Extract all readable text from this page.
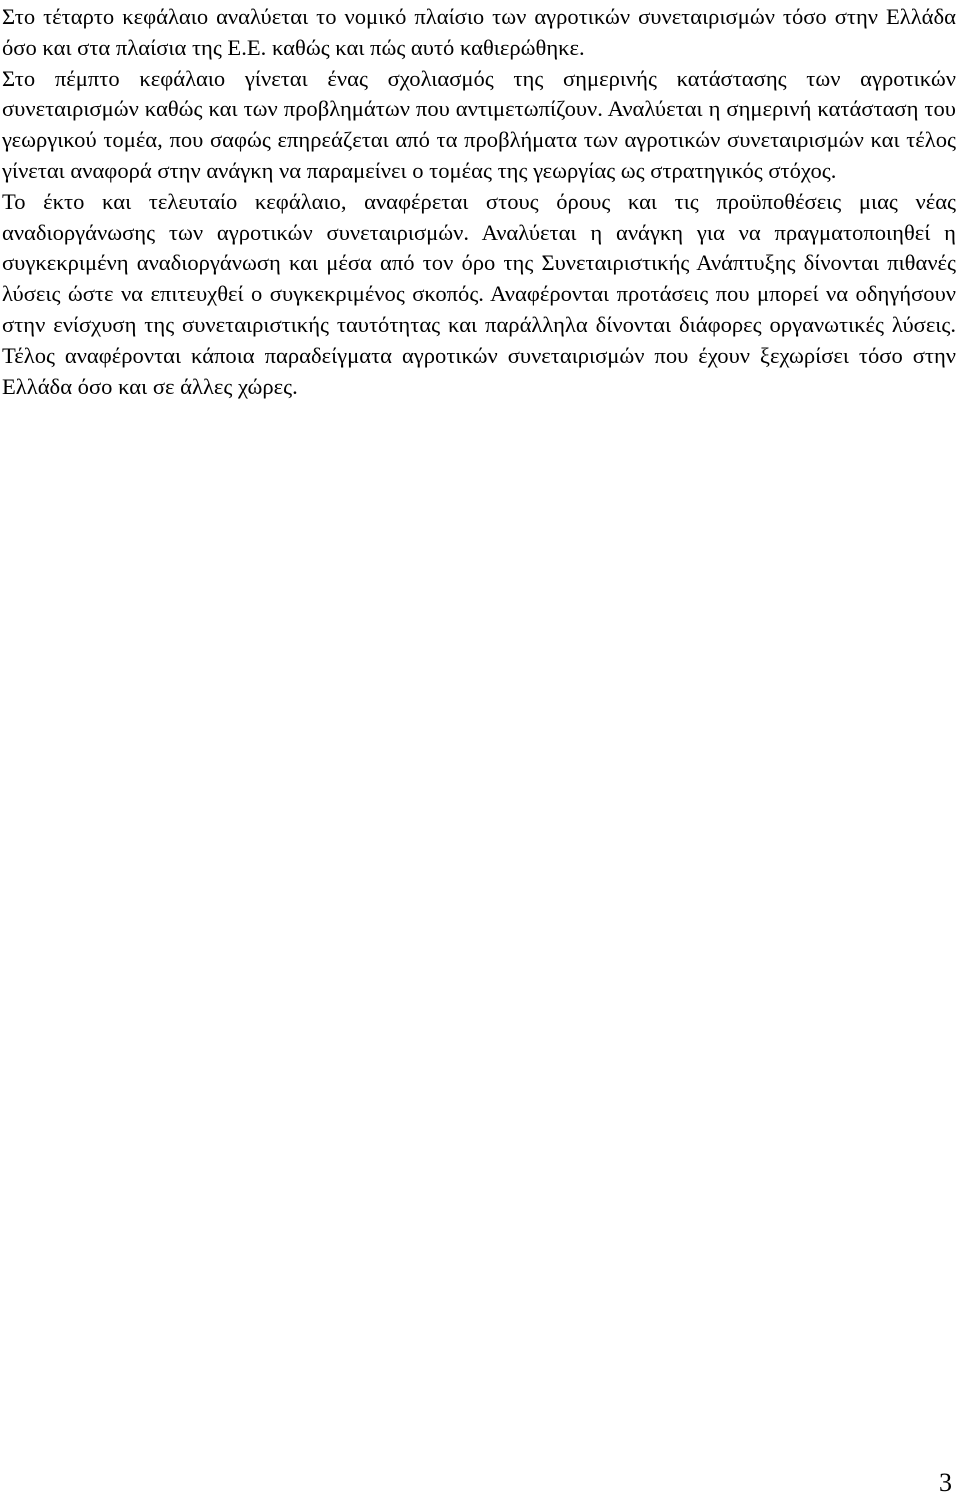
Στο τέταρτο κεφάλαιο αναλύεται το νομικό πλαίσιο των αγροτικών συνεταιρισμών τόσο στην Ελλάδα όσο και στα πλαίσια της Ε.Ε. καθώς και πώς αυτό καθιερώθηκε.

Στο πέμπτο κεφάλαιο γίνεται ένας σχολιασμός της σημερινής κατάστασης των αγροτικών συνεταιρισμών καθώς και των προβλημάτων που αντιμετωπίζουν. Αναλύεται η σημερινή κατάσταση του γεωργικού τομέα, που σαφώς επηρεάζεται από τα προβλήματα των αγροτικών συνεταιρισμών και τέλος γίνεται αναφορά στην ανάγκη να παραμείνει ο τομέας της γεωργίας ως στρατηγικός στόχος.

Το έκτο και τελευταίο κεφάλαιο, αναφέρεται στους όρους και τις προϋποθέσεις μιας νέας αναδιοργάνωσης των αγροτικών συνεταιρισμών. Αναλύεται η ανάγκη για να πραγματοποιηθεί η συγκεκριμένη αναδιοργάνωση και μέσα από τον όρο της Συνεταιριστικής Ανάπτυξης δίνονται πιθανές λύσεις ώστε να επιτευχθεί ο συγκεκριμένος σκοπός. Αναφέρονται προτάσεις που μπορεί να οδηγήσουν στην ενίσχυση της συνεταιριστικής ταυτότητας και παράλληλα δίνονται διάφορες οργανωτικές λύσεις. Τέλος αναφέρονται κάποια παραδείγματα αγροτικών συνεταιρισμών που έχουν ξεχωρίσει τόσο στην Ελλάδα όσο και σε άλλες χώρες.

3
